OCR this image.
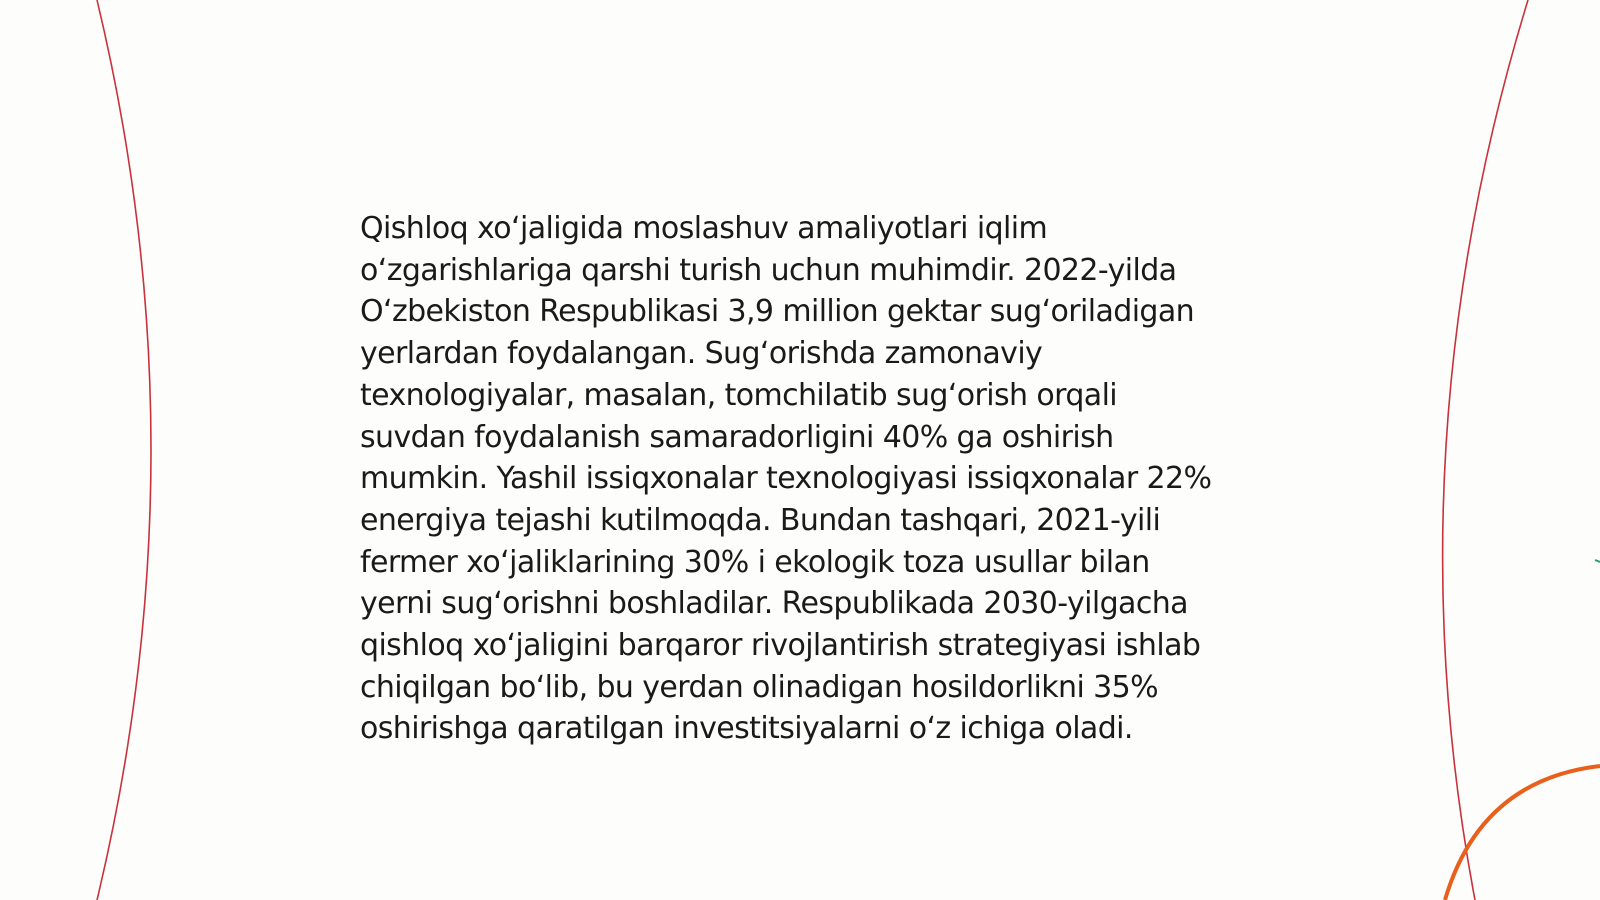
Qishloq xo‘jaligida moslashuv amaliyotlari iqlim o‘zgarishlariga qarshi turish uchun muhimdir. 2022-yilda O‘zbekiston Respublikasi 3,9 million gektar sug‘oriladigan yerlardan foydalangan. Sug‘orishda zamonaviy texnologiyalar, masalan, tomchilatib sug‘orish orqali suvdan foydalanish samaradorligini 40% ga oshirish mumkin. Yashil issiqxonalar texnologiyasi issiqxonalar 22% energiya tejashi kutilmoqda. Bundan tashqari, 2021-yili fermer xo‘jaliklarining 30% i ekologik toza usullar bilan yerni sug‘orishni boshladilar. Respublikada 2030-yilgacha qishloq xo‘jaligini barqaror rivojlantirish strategiyasi ishlab chiqilgan bo‘lib, bu yerdan olinadigan hosildorlikni 35% oshirishga qaratilgan investitsiyalarni o‘z ichiga oladi.
